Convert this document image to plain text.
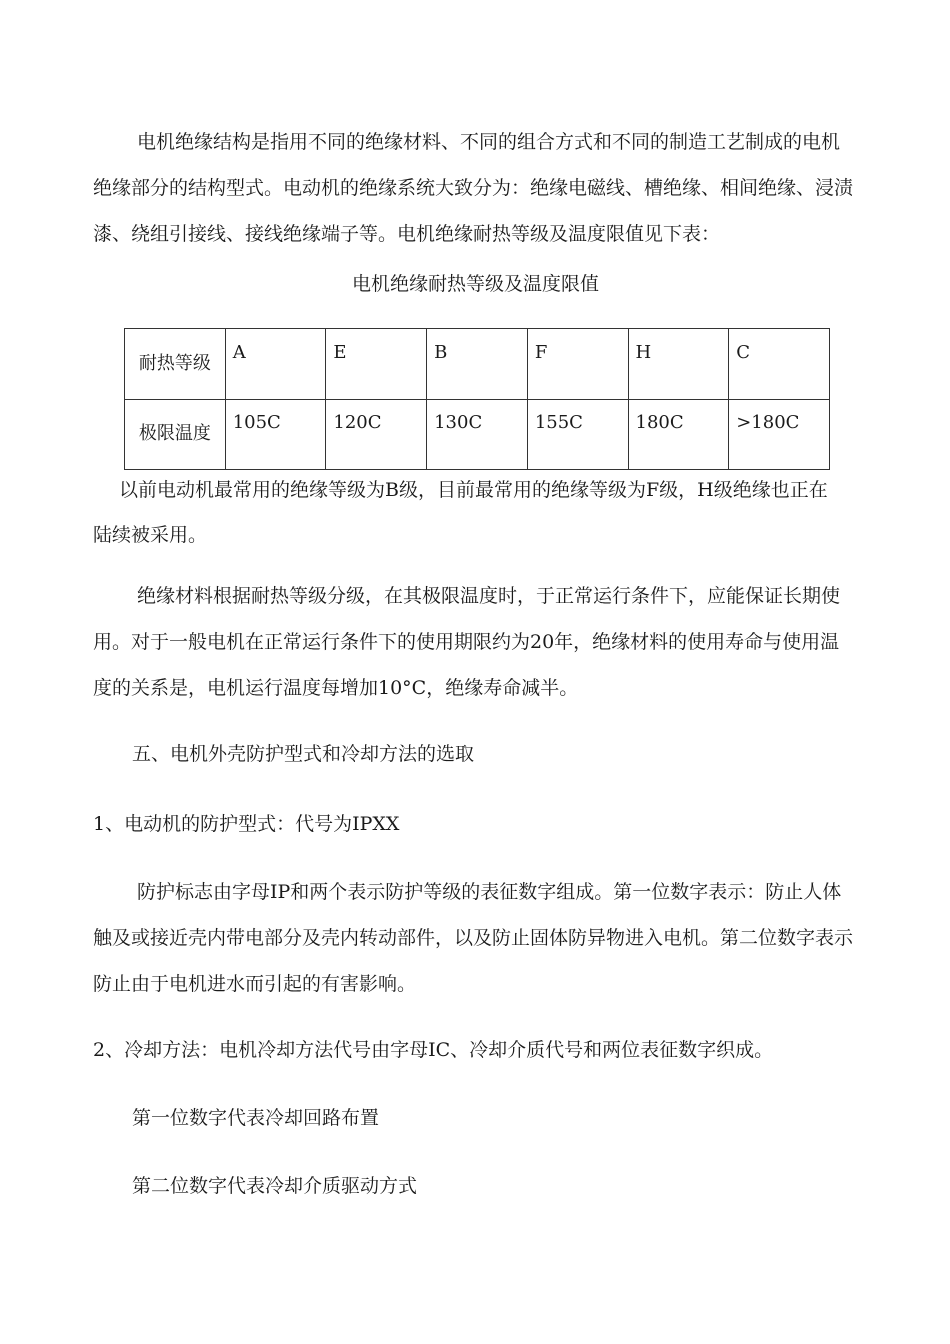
电机绝缘结构是指用不同的绝缘材料、不同的组合方式和不同的制造工艺制成的电机
绝缘部分的结构型式。电动机的绝缘系统大致分为：绝缘电磁线、槽绝缘、相间绝缘、浸渍
漆、绕组引接线、接线绝缘端子等。电机绝缘耐热等级及温度限值见下表：
电机绝缘耐热等级及温度限值
耐热等级	A	E	B	F	H	C
极限温度	105C	120C	130C	155C	180C	>180C
以前电动机最常用的绝缘等级为B级，目前最常用的绝缘等级为F级，H级绝缘也正在
陆续被采用。
绝缘材料根据耐热等级分级，在其极限温度时，于正常运行条件下，应能保证长期使
用。对于一般电机在正常运行条件下的使用期限约为20年，绝缘材料的使用寿命与使用温
度的关系是，电机运行温度每增加10°C，绝缘寿命减半。
五、电机外壳防护型式和冷却方法的选取
1、电动机的防护型式：代号为IPXX
防护标志由字母IP和两个表示防护等级的表征数字组成。第一位数字表示：防止人体
触及或接近壳内带电部分及壳内转动部件，以及防止固体防异物进入电机。第二位数字表示
防止由于电机进水而引起的有害影响。
2、冷却方法：电机冷却方法代号由字母IC、冷却介质代号和两位表征数字织成。
第一位数字代表冷却回路布置
第二位数字代表冷却介质驱动方式
